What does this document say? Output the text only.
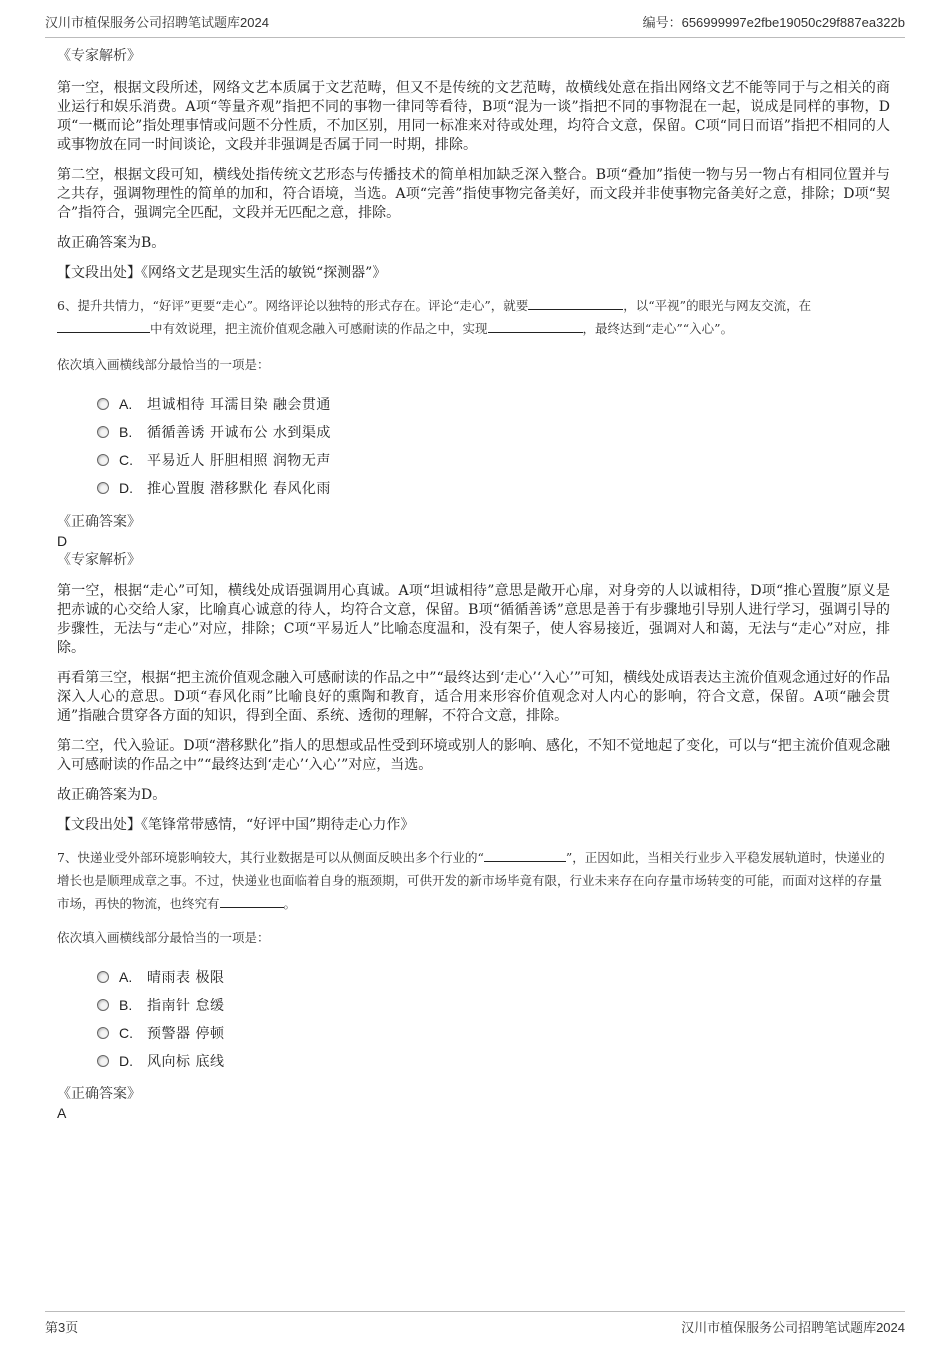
汉川市植保服务公司招聘笔试题库2024	编号：656999997e2fbe19050c29f887ea322b
《专家解析》

第一空，根据文段所述，网络文艺本质属于文艺范畴，但又不是传统的文艺范畴，故横线处意在指出网络文艺不能等同于与之相关的商业运行和娱乐消费。A项“等量齐观”指把不同的事物一律同等看待，B项“混为一谈”指把不同的事物混在一起，说成是同样的事物，D项“一概而论”指处理事情或问题不分性质，不加区别，用同一标准来对待或处理，均符合文意，保留。C项“同日而语”指把不相同的人或事物放在同一时间谈论，文段并非强调是否属于同一时期，排除。

第二空，根据文段可知，横线处指传统文艺形态与传播技术的简单相加缺乏深入整合。B项“叠加”指使一物与另一物占有相同位置并与之共存，强调物理性的简单的加和，符合语境，当选。A项“完善”指使事物完备美好，而文段并非使事物完备美好之意，排除；D项“契合”指符合，强调完全匹配，文段并无匹配之意，排除。

故正确答案为B。

【文段出处】《网络文艺是现实生活的敏锐“探测器”》

6、提升共情力，“好评”更要“走心”。网络评论以独特的形式存在。评论“走心”，就要	，以“平视”的眼光与网友交流，在中有效说理，把主流价值观念融入可感耐读的作品之中，实现	，最终达到“走心”“入心”。

依次填入画横线部分最恰当的一项是：
A.	坦诚相待 耳濡目染 融会贯通
B.	循循善诱 开诚布公 水到渠成
C.	平易近人 肝胆相照 润物无声
D.	推心置腹 潜移默化 春风化雨
《正确答案》
D
《专家解析》

第一空，根据“走心”可知，横线处成语强调用心真诚。A项“坦诚相待”意思是敞开心扉，对身旁的人以诚相待，D项“推心置腹”原义是把赤诚的心交给人家，比喻真心诚意的待人，均符合文意，保留。B项“循循善诱”意思是善于有步骤地引导别人进行学习，强调引导的步骤性，无法与“走心”对应，排除；C项“平易近人”比喻态度温和，没有架子，使人容易接近，强调对人和蔼，无法与“走心”对应，排除。

再看第三空，根据“把主流价值观念融入可感耐读的作品之中”“最终达到‘走心’‘入心’”可知，横线处成语表达主流价值观念通过好的作品深入人心的意思。D项“春风化雨”比喻良好的熏陶和教育，适合用来形容价值观念对人内心的影响，符合文意，保留。A项“融会贯通”指融合贯穿各方面的知识，得到全面、系统、透彻的理解，不符合文意，排除。

第二空，代入验证。D项“潜移默化”指人的思想或品性受到环境或别人的影响、感化，不知不觉地起了变化，可以与“把主流价值观念融入可感耐读的作品之中”“最终达到‘走心’‘入心’”对应，当选。

故正确答案为D。

【文段出处】《笔锋常带感情，“好评中国”期待走心力作》

7、快递业受外部环境影响较大，其行业数据是可以从侧面反映出多个行业的“	”，正因如此，当相关行业步入平稳发展轨道时，快递业的增长也是顺理成章之事。不过，快递业也面临着自身的瓶颈期，可供开发的新市场毕竟有限，行业未来存在向存量市场转变的可能，而面对这样的存量市场，再快的物流，也终究有	。

依次填入画横线部分最恰当的一项是：
A.	晴雨表 极限
B.	指南针 怠缓
C.	预警器 停顿
D.	风向标 底线
《正确答案》
A
第3页	汉川市植保服务公司招聘笔试题库2024
